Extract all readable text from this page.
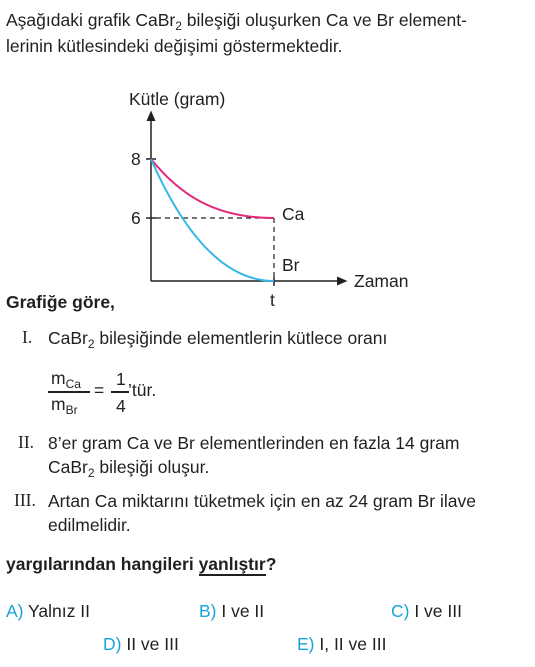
Aşağıdaki grafik CaBr$_2$ bileşiği oluşurken Ca ve Br element-
lerinin kütlesindeki değişimi göstermektedir.
Kütle (gram)
8
6	Ca
Br
Zaman
t
Grafiğe göre,
I. CaBr$_2$ bileşiğinde elementlerin kütlece oranı
$m_{Ca}$
$m_{Br}$
=
1
4
’tür.
II. 8’er gram Ca ve Br elementlerinden en fazla 14 gram
CaBr$_2$ bileşiği oluşur.
III. Artan Ca miktarını tüketmek için en az 24 gram Br ilave
edilmelidir.
yargılarından hangileri yanlıştır?
A) Yalnız II	B) I ve II	C) I ve III
D) II ve III	E) I, II ve III
